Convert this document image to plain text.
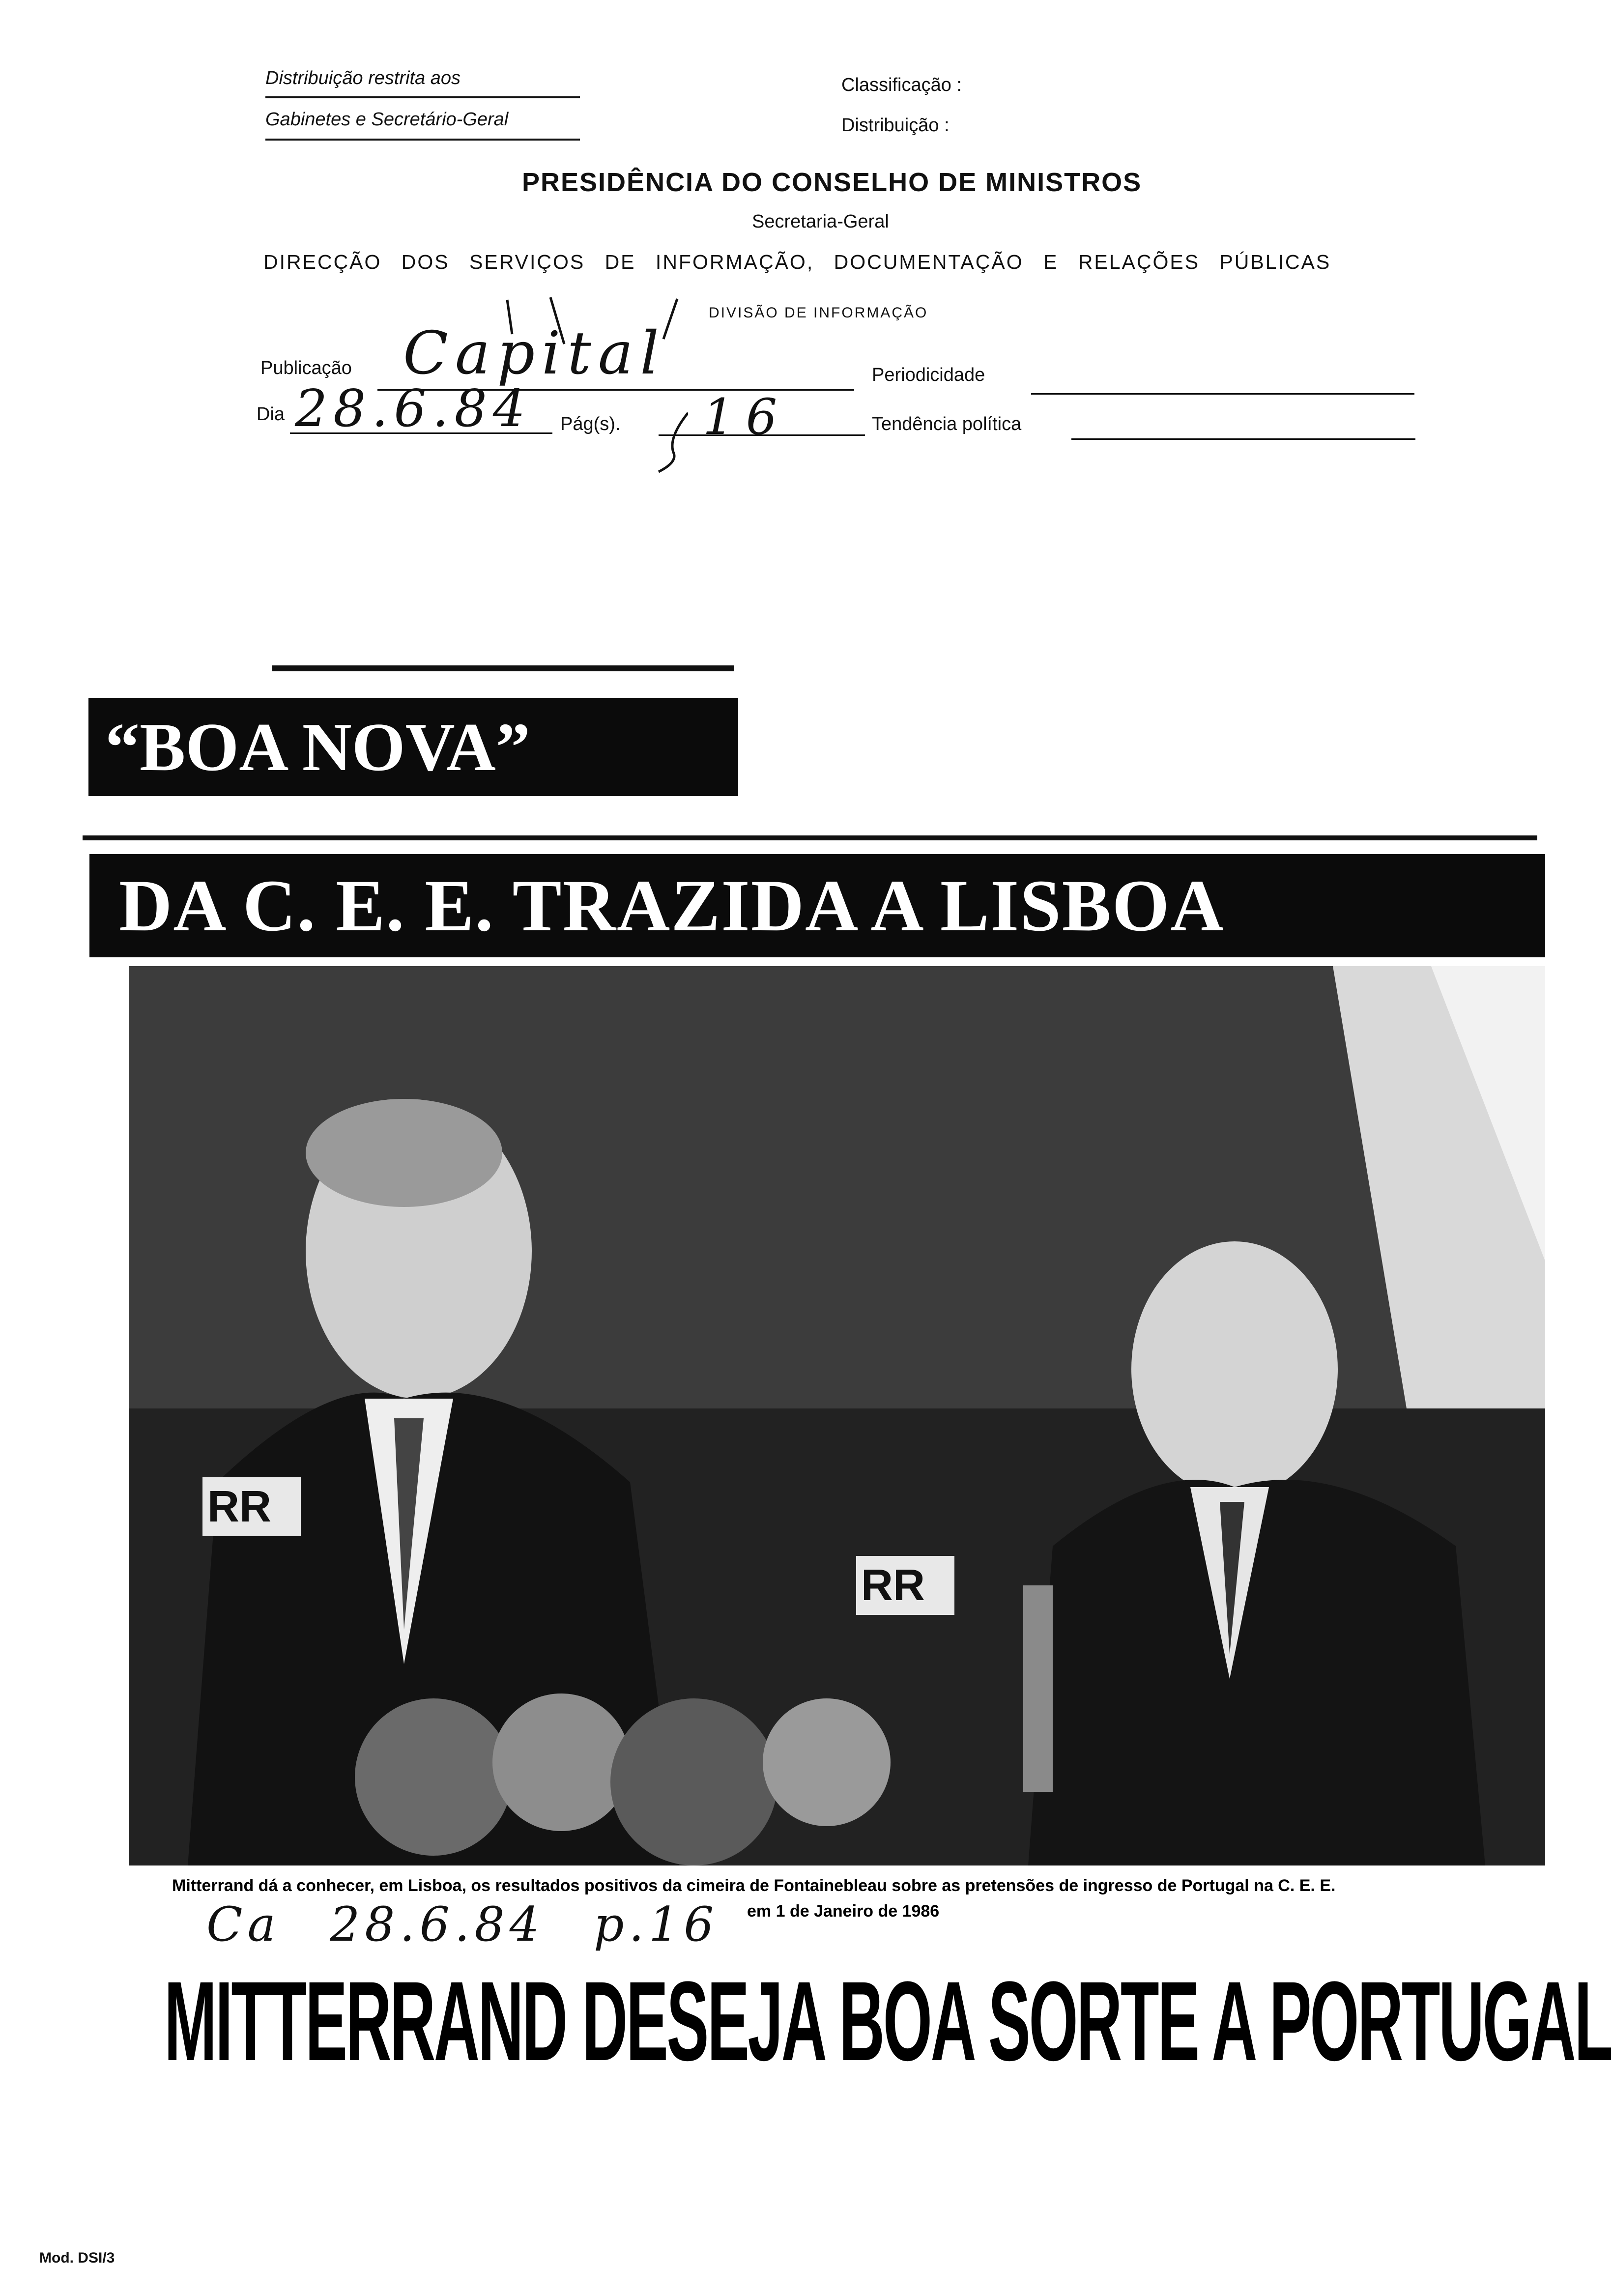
Distribuição restrita aos
Gabinetes e Secretário-Geral
Classificação :
Distribuição :
PRESIDÊNCIA DO CONSELHO DE MINISTROS
Secretaria-Geral
DIRECÇÃO DOS SERVIÇOS DE INFORMAÇÃO, DOCUMENTAÇÃO E RELAÇÕES PÚBLICAS
DIVISÃO DE INFORMAÇÃO
Publicação Capital	Periodicidade
Dia 28.6.84 Pág(s). 16	Tendência política
“BOA NOVA”
DA C. E. E. TRAZIDA A LISBOA
RR
RR
Mitterrand dá a conhecer, em Lisboa, os resultados positivos da cimeira de Fontainebleau sobre as pretensões de ingresso de Portugal na C. E. E.
em 1 de Janeiro de 1986
Ca 28.6.84 p.16
MITTERRAND DESEJA BOA SORTE A PORTUGAL
Mod. DSI/3
